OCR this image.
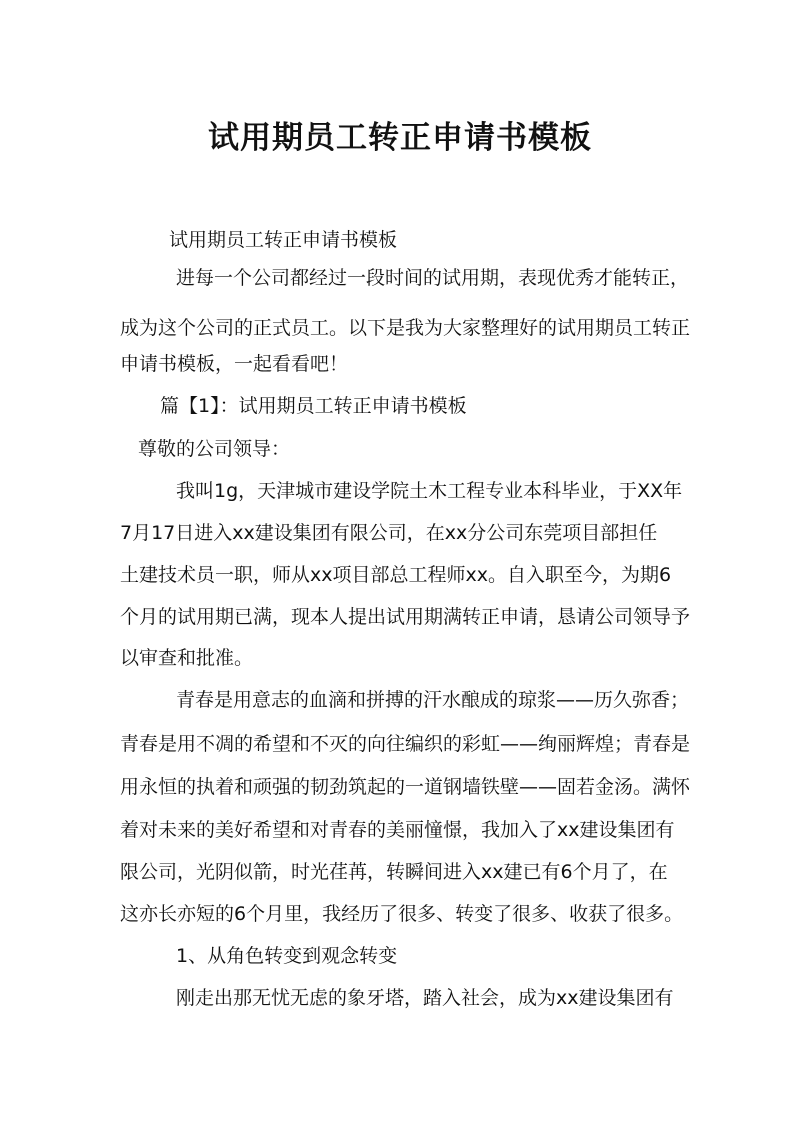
试用期员工转正申请书模板
试用期员工转正申请书模板
进每一个公司都经过一段时间的试用期，表现优秀才能转正，
成为这个公司的正式员工。以下是我为大家整理好的试用期员工转正
申请书模板，一起看看吧！
篇【1】：试用期员工转正申请书模板
尊敬的公司领导：
我叫1g，天津城市建设学院土木工程专业本科毕业，于XX年
7月17日进入xx建设集团有限公司，在xx分公司东莞项目部担任
土建技术员一职，师从xx项目部总工程师xx。自入职至今，为期6
个月的试用期已满，现本人提出试用期满转正申请，恳请公司领导予
以审查和批准。
青春是用意志的血滴和拼搏的汗水酿成的琼浆——历久弥香；
青春是用不凋的希望和不灭的向往编织的彩虹——绚丽辉煌；青春是
用永恒的执着和顽强的韧劲筑起的一道钢墙铁壁——固若金汤。满怀
着对未来的美好希望和对青春的美丽憧憬，我加入了xx建设集团有
限公司，光阴似箭，时光荏苒，转瞬间进入xx建已有6个月了，在
这亦长亦短的6个月里，我经历了很多、转变了很多、收获了很多。
1、从角色转变到观念转变
刚走出那无忧无虑的象牙塔，踏入社会，成为xx建设集团有
